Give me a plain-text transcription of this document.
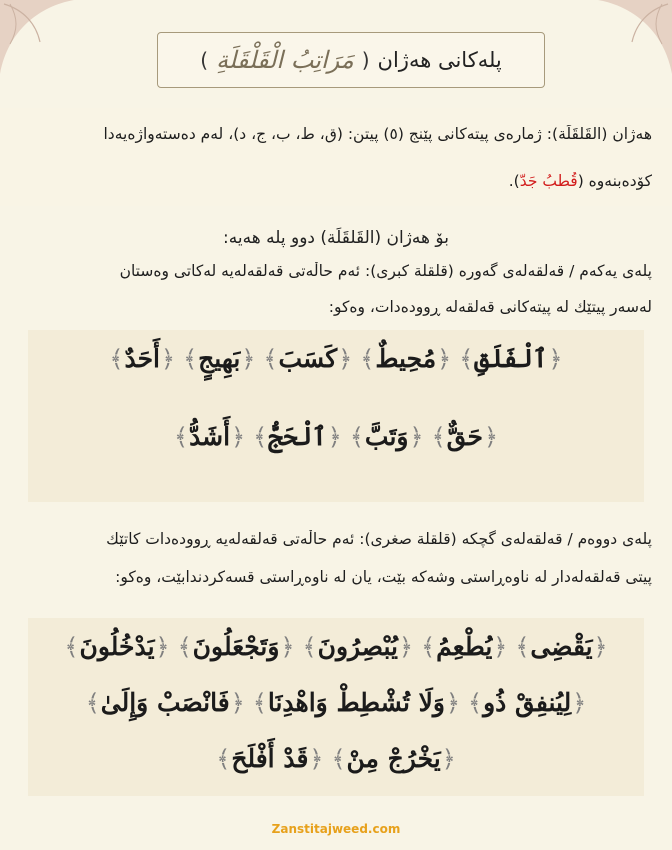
پلەکانی هەژان
(
مَرَاتِبُ الْقَلْقَلَةِ
)
هەژان (القَلقَلَة): ژمارەی پیتەکانی پێنج (٥) پیتن: (ق، ط، ب، ج، د)، لەم دەستەواژەیەدا
کۆدەبنەوە (قُطبُ جَدّ).
بۆ هەژان (القَلقَلَة) دوو پلە هەیە:
پلەی یەکەم / قەلقەلەی گەورە (قلقلة كبرى): ئەم حاڵەتی قەلقەلەیە لەکاتی وەستان
لەسەر پیتێك لە پیتەکانی قەلقەلە ڕوودەدات، وەکو:
﴿
ٱلْفَلَقِ
﴾
﴿
مُحِيطٌ
﴾
﴿
كَسَبَ
﴾
﴿
بَهِيجٍ
﴾
﴿
أَحَدٌ
﴾
﴿
حَقٌّ
﴾
﴿
وَتَبَّ
﴾
﴿
ٱلْحَجُّ
﴾
﴿
أَشَدُّ
﴾
پلەی دووەم / قەلقەلەی گچکە (قلقلة صغرى): ئەم حاڵەتی قەلقەلەیە ڕوودەدات کاتێك
پیتی قەلقەلەدار لە ناوەڕاستی وشەکە بێت، یان لە ناوەڕاستی قسەکردندابێت، وەکو:
﴿
يَقْضِى
﴾
﴿
يُطْعِمُ
﴾
﴿
يُبْصِرُونَ
﴾
﴿
وَتَجْعَلُونَ
﴾
﴿
يَدْخُلُونَ
﴾
﴿
لِيُنفِقْ ذُو
﴾
﴿
وَلَا تُشْطِطْ وَاهْدِنَا
﴾
﴿
فَانْصَبْ وَإِلَىٰ
﴾
﴿
يَخْرُجْ مِنْ
﴾
﴿
قَدْ أَفْلَحَ
﴾
Zanstitajweed.com
